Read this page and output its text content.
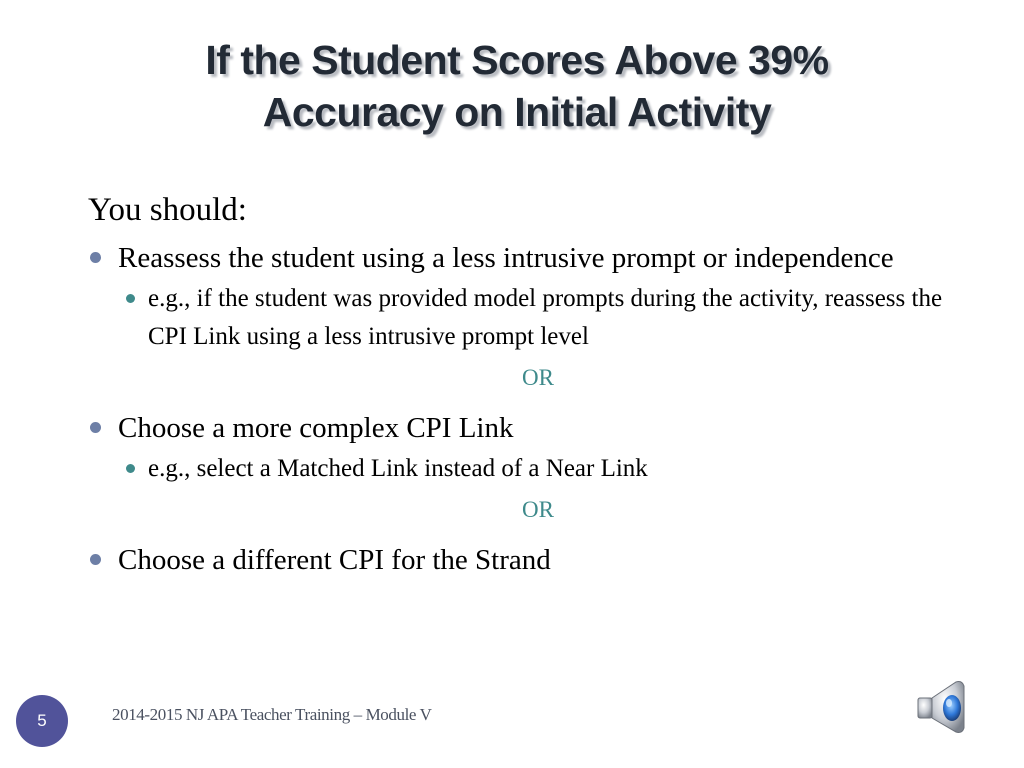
If the Student Scores Above 39%
Accuracy on Initial Activity
You should:
Reassess the student using a less intrusive prompt or independence
e.g., if the student was provided model prompts during the activity, reassess the CPI Link using a less intrusive prompt level
OR
Choose a more complex CPI Link
e.g., select a Matched Link instead of a Near Link
OR
Choose a different CPI for the Strand
5	2014-2015 NJ APA Teacher Training – Module V
